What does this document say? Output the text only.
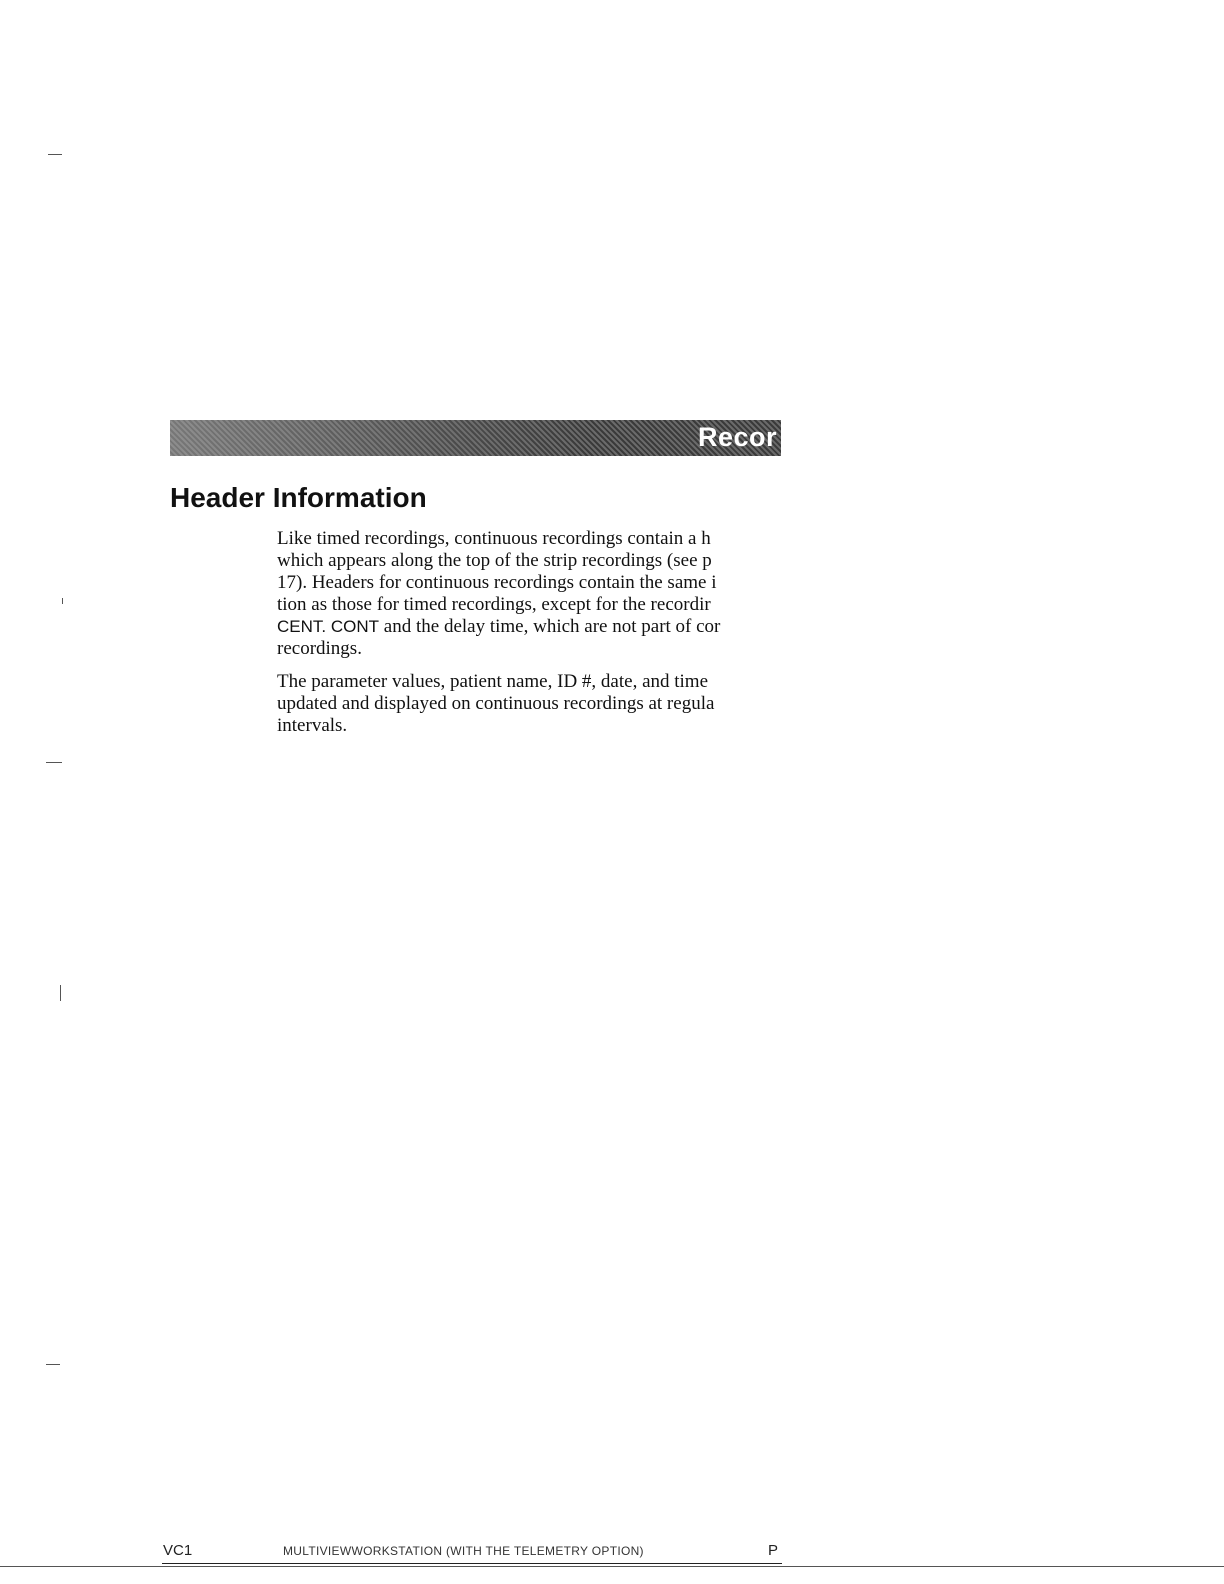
Recor
Header Information
Like timed recordings, continuous recordings contain a h
which appears along the top of the strip recordings (see p
17). Headers for continuous recordings contain the same i
tion as those for timed recordings, except for the recordir
CENT. CONT and the delay time, which are not part of cor
recordings.
The parameter values, patient name, ID #, date, and time
updated and displayed on continuous recordings at regula
intervals.
VC1	MULTIVIEWWORKSTATION (WITH THE TELEMETRY OPTION)	P
